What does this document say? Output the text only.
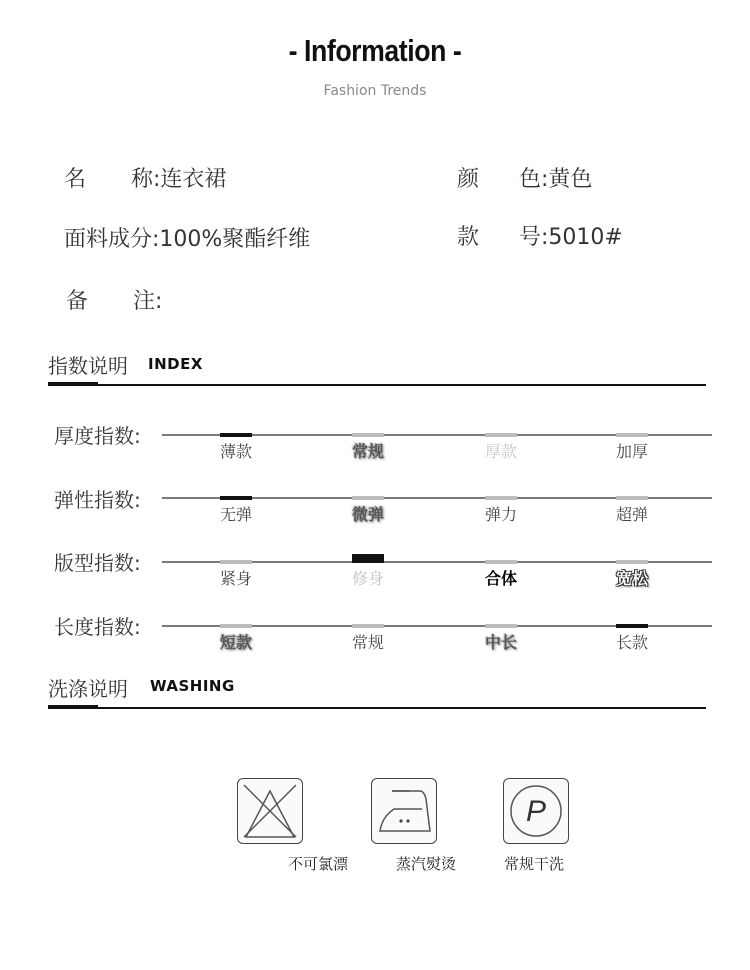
- Information -
Fashion Trends
名 称:连衣裙	颜 色:黄色
面料成分:100%聚酯纤维	款 号:5010#
备 注:
指数说明 INDEX
厚度指数:
薄款	常规	厚款	加厚
弹性指数:
无弹	微弹	弹力	超弹
版型指数:
紧身	修身	合体	宽松
长度指数:
短款	常规	中长	长款
洗涤说明 WASHING
P
不可氯漂	蒸汽熨烫	常规干洗
